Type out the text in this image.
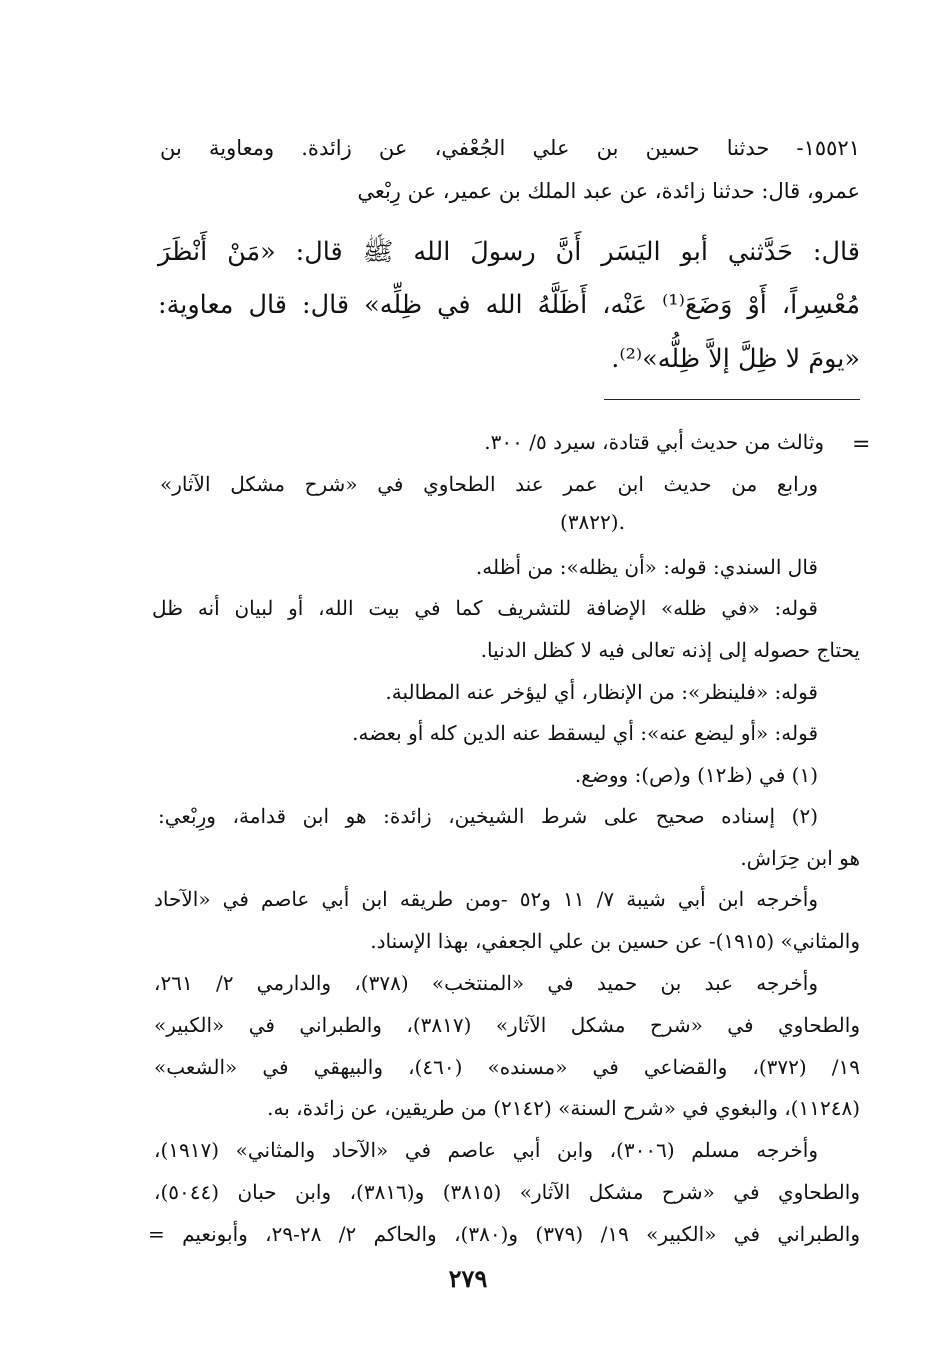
١٥٥٢١- حدثنا حسين بن علي الجُعْفي، عن زائدة. ومعاوية بن
عمرو، قال: حدثنا زائدة، عن عبد الملك بن عمير، عن رِبْعي
قال: حَدَّثني أبو اليَسَر أَنَّ رسولَ الله ﷺ قال: «مَنْ أَنْظَرَ
مُعْسِراً، أَوْ وَضَعَ⁽¹⁾ عَنْه، أَظَلَّهُ الله في ظِلِّه» قال: قال معاوية:
«يومَ لا ظِلَّ إلاَّ ظِلُّه»⁽²⁾.
=
وثالث من حديث أبي قتادة، سيرد ٥/ ٣٠٠.
ورابع من حديث ابن عمر عند الطحاوي في «شرح مشكل الآثار»
(٣٨٢٢).
قال السندي: قوله: «أن يظله»: من أظله.
قوله: «في ظله» الإضافة للتشريف كما في بيت الله، أو لبيان أنه ظل
يحتاج حصوله إلى إذنه تعالى فيه لا كظل الدنيا.
قوله: «فلينظر»: من الإنظار، أي ليؤخر عنه المطالبة.
قوله: «أو ليضع عنه»: أي ليسقط عنه الدين كله أو بعضه.
(١) في (ظ١٢) و(ص): ووضع.
(٢) إسناده صحيح على شرط الشيخين، زائدة: هو ابن قدامة، ورِبْعي:
هو ابن حِرَاش.
وأخرجه ابن أبي شيبة ٧/ ١١ و٥٢ -ومن طريقه ابن أبي عاصم في «الآحاد
والمثاني» (١٩١٥)- عن حسين بن علي الجعفي، بهذا الإسناد.
وأخرجه عبد بن حميد في «المنتخب» (٣٧٨)، والدارمي ٢/ ٢٦١،
والطحاوي في «شرح مشكل الآثار» (٣٨١٧)، والطبراني في «الكبير»
١٩/ (٣٧٢)، والقضاعي في «مسنده» (٤٦٠)، والبيهقي في «الشعب»
(١١٢٤٨)، والبغوي في «شرح السنة» (٢١٤٢) من طريقين، عن زائدة، به.
وأخرجه مسلم (٣٠٠٦)، وابن أبي عاصم في «الآحاد والمثاني» (١٩١٧)،
والطحاوي في «شرح مشكل الآثار» (٣٨١٥) و(٣٨١٦)، وابن حبان (٥٠٤٤)،
والطبراني في «الكبير» ١٩/ (٣٧٩) و(٣٨٠)، والحاكم ٢/ ٢٨-٢٩، وأبونعيم =
٢٧٩
